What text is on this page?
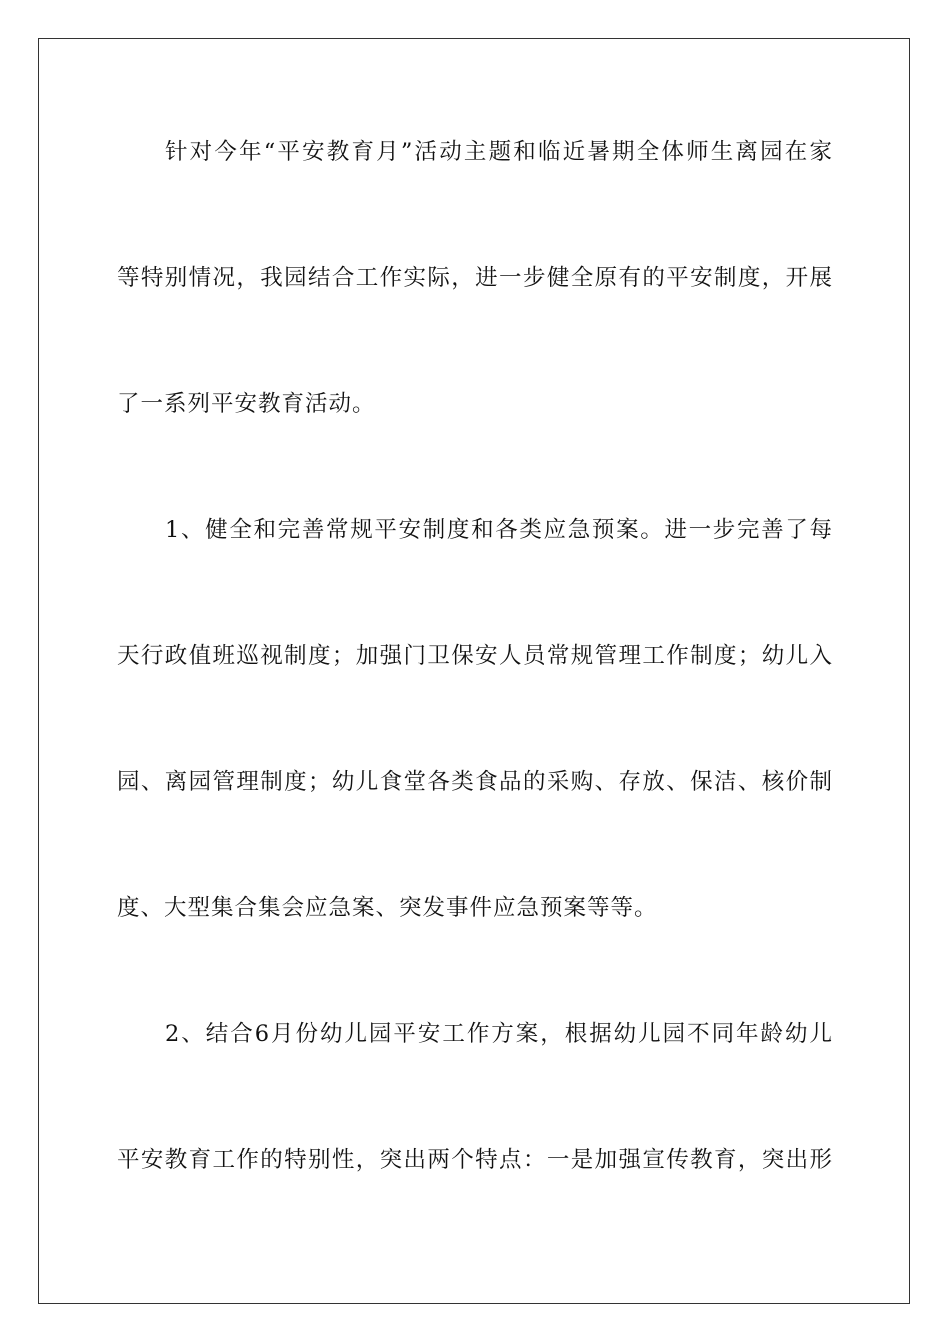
针对今年“平安教育月”活动主题和临近暑期全体师生离园在家
等特别情况，我园结合工作实际，进一步健全原有的平安制度，开展
了一系列平安教育活动。
1、健全和完善常规平安制度和各类应急预案。进一步完善了每
天行政值班巡视制度；加强门卫保安人员常规管理工作制度；幼儿入
园、离园管理制度；幼儿食堂各类食品的采购、存放、保洁、核价制
度、大型集合集会应急案、突发事件应急预案等等。
2、结合6月份幼儿园平安工作方案，根据幼儿园不同年龄幼儿
平安教育工作的特别性，突出两个特点：一是加强宣传教育，突出形
